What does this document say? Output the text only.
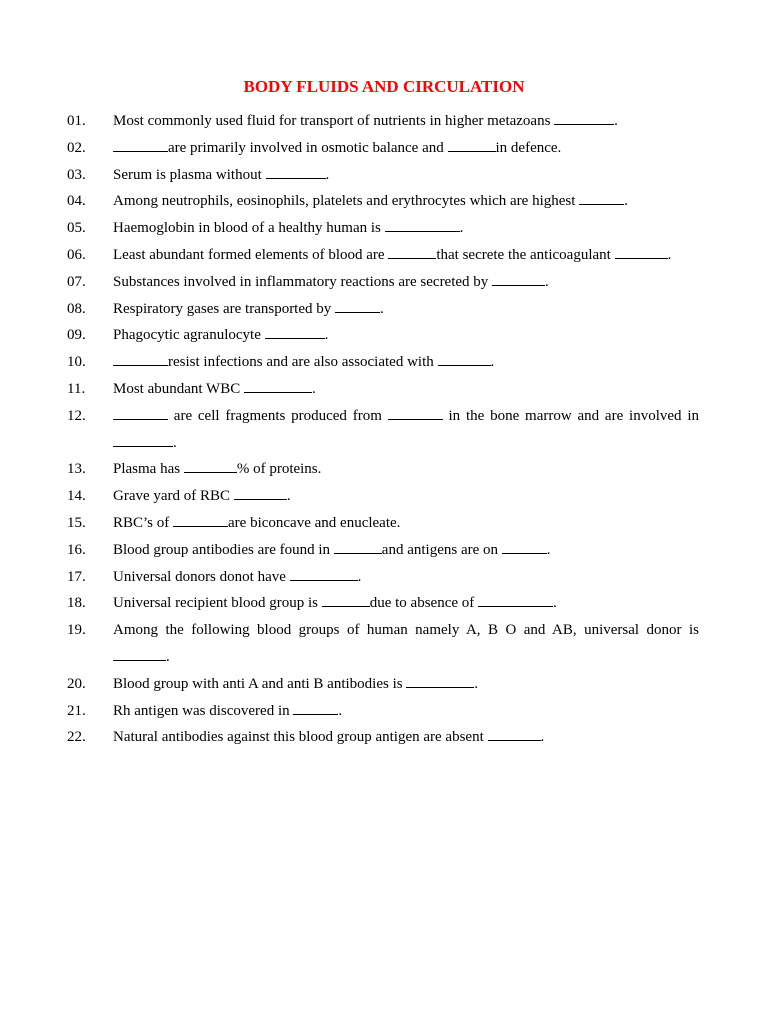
BODY FLUIDS AND CIRCULATION
01.	Most commonly used fluid for transport of nutrients in higher metazoans	.
02.	are primarily involved in osmotic balance and	in defence.
03.	Serum is plasma without	.
04.	Among neutrophils, eosinophils, platelets and erythrocytes which are highest	.
05.	Haemoglobin in blood of a healthy human is	.
06.	Least abundant formed elements of blood are	that secrete the anticoagulant	.
07.	Substances involved in inflammatory reactions are secreted by	.
08.	Respiratory gases are transported by	.
09.	Phagocytic agranulocyte	.
10.	resist infections and are also associated with	.
11.	Most abundant WBC	.
12.	are cell fragments produced from	in the bone marrow and are involved in .
13.	Plasma has	% of proteins.
14.	Grave yard of RBC	.
15.	RBC’s of	are biconcave and enucleate.
16.	Blood group antibodies are found in	and antigens are on	.
17.	Universal donors donot have	.
18.	Universal recipient blood group is	due to absence of	.
19.	Among the following blood groups of human namely A, B O and AB, universal donor is .
20.	Blood group with anti A and anti B antibodies is	.
21.	Rh antigen was discovered in	.
22.	Natural antibodies against this blood group antigen are absent	.
